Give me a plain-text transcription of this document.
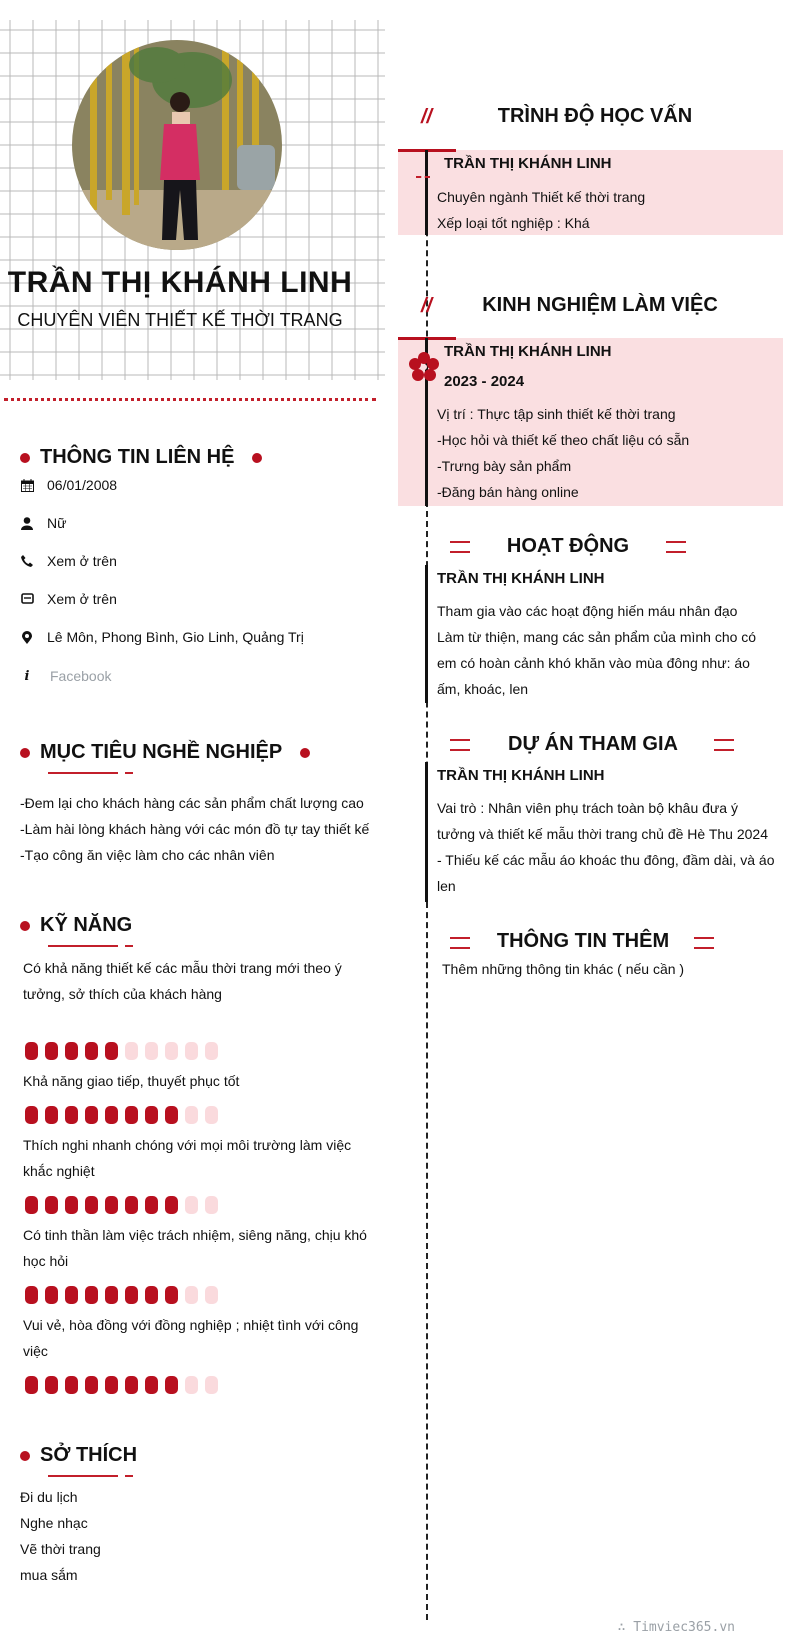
TRẦN THỊ KHÁNH LINH
CHUYÊN VIÊN THIẾT KẾ THỜI TRANG
THÔNG TIN LIÊN HỆ
06/01/2008
Nữ
Xem ở trên
Xem ở trên
Lê Môn, Phong Bình, Gio Linh, Quảng Trị
i Facebook
MỤC TIÊU NGHỀ NGHIỆP
-Đem lại cho khách hàng các sản phẩm chất lượng cao
-Làm hài lòng khách hàng với các món đồ tự tay thiết kế
-Tạo công ăn việc làm cho các nhân viên
KỸ NĂNG
Có khả năng thiết kế các mẫu thời trang mới theo ý
tưởng, sở thích của khách hàng
Khả năng giao tiếp, thuyết phục tốt
Thích nghi nhanh chóng với mọi môi trường làm việc
khắc nghiệt
Có tinh thần làm việc trách nhiệm, siêng năng, chịu khó
học hỏi
Vui vẻ, hòa đồng với đồng nghiệp ; nhiệt tình với công
việc
SỞ THÍCH
Đi du lịch
Nghe nhạc
Vẽ thời trang
mua sắm
//	TRÌNH ĐỘ HỌC VẤN
TRẦN THỊ KHÁNH LINH
Chuyên ngành Thiết kế thời trang
Xếp loại tốt nghiệp : Khá
//	KINH NGHIỆM LÀM VIỆC
TRẦN THỊ KHÁNH LINH
2023 - 2024
Vị trí : Thực tập sinh thiết kế thời trang
-Học hỏi và thiết kế theo chất liệu có sẵn
-Trưng bày sản phẩm
-Đăng bán hàng online
HOẠT ĐỘNG
TRẦN THỊ KHÁNH LINH
Tham gia vào các hoạt động hiến máu nhân đạo
Làm từ thiện, mang các sản phẩm của mình cho có
em có hoàn cảnh khó khăn vào mùa đông như: áo
ấm, khoác, len
DỰ ÁN THAM GIA
TRẦN THỊ KHÁNH LINH
Vai trò : Nhân viên phụ trách toàn bộ khâu đưa ý
tưởng và thiết kế mẫu thời trang chủ đề Hè Thu 2024
- Thiếu kế các mẫu áo khoác thu đông, đầm dài, và áo
len
THÔNG TIN THÊM
Thêm những thông tin khác ( nếu cần )
∴ Timviec365.vn
